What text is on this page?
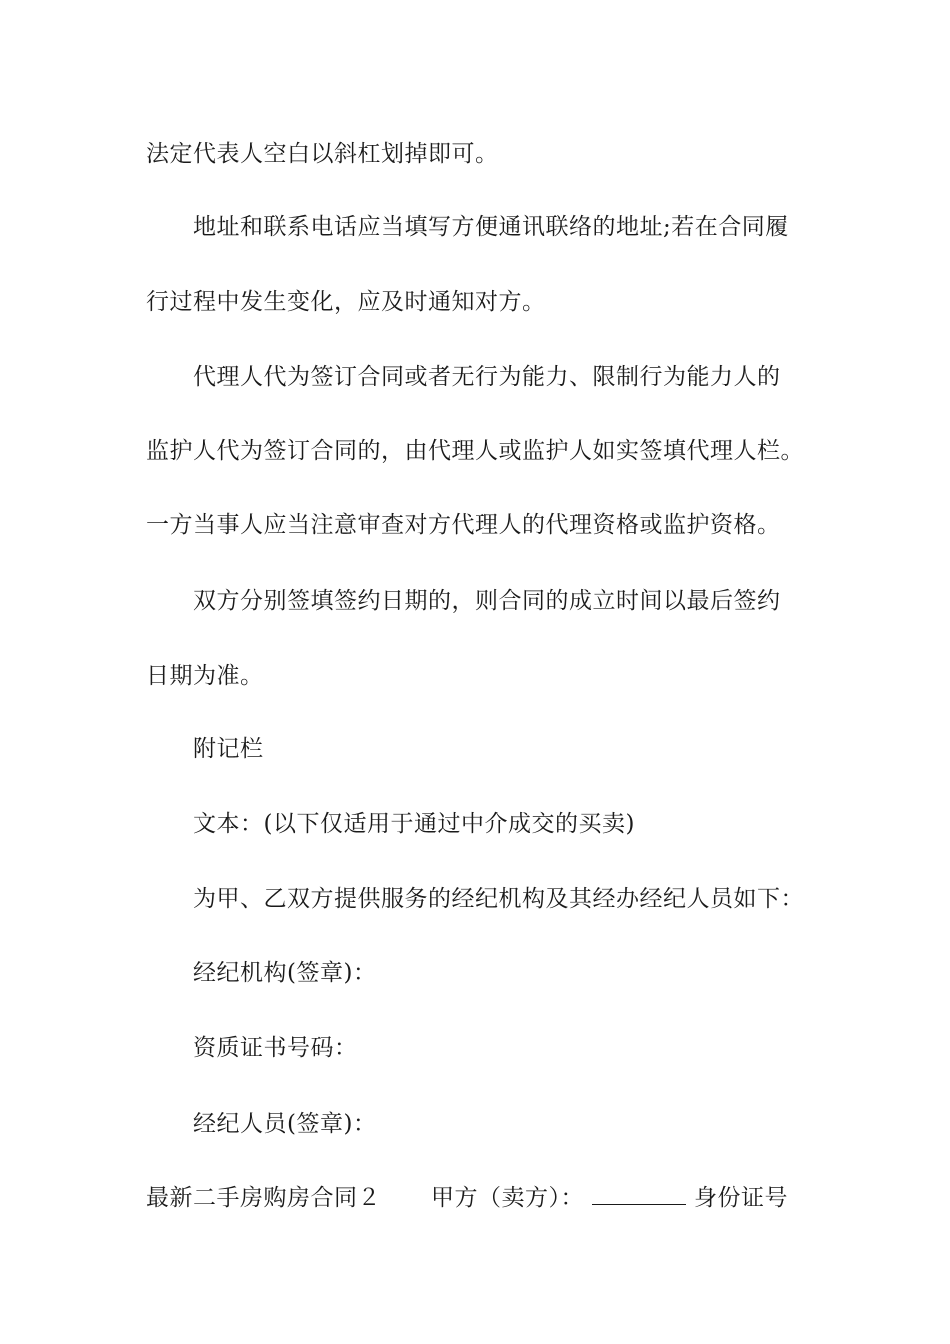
法定代表人空白以斜杠划掉即可。
地址和联系电话应当填写方便通讯联络的地址;若在合同履
行过程中发生变化，应及时通知对方。
代理人代为签订合同或者无行为能力、限制行为能力人的
监护人代为签订合同的，由代理人或监护人如实签填代理人栏。
一方当事人应当注意审查对方代理人的代理资格或监护资格。
双方分别签填签约日期的，则合同的成立时间以最后签约
日期为准。
附记栏
文本：(以下仅适用于通过中介成交的买卖)
为甲、乙双方提供服务的经纪机构及其经办经纪人员如下：
经纪机构(签章)：
资质证书号码：
经纪人员(签章)：
最新二手房购房合同２ 甲方（卖方）：	身份证号
